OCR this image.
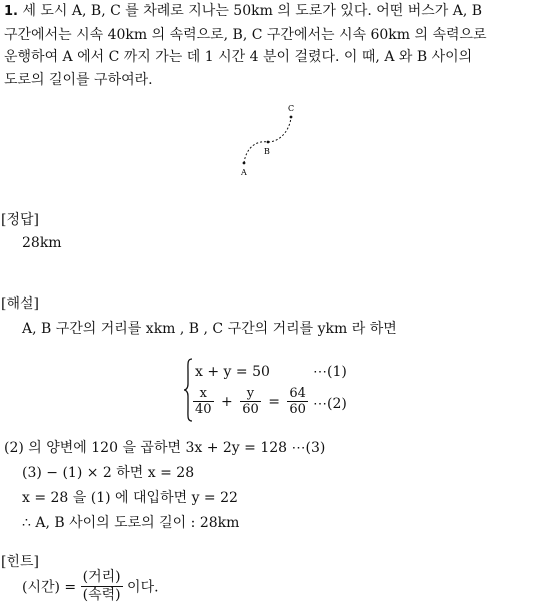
1. 세 도시 A, B, C 를 차례로 지나는 50km 의 도로가 있다. 어떤 버스가 A, B
구간에서는 시속 40km 의 속력으로, B, C 구간에서는 시속 60km 의 속력으로
운행하여 A 에서 C 까지 가는 데 1 시간 4 분이 걸렸다. 이 때, A 와 B 사이의
도로의 길이를 구하여라.
A
B
C
[정답]
28km
[해설]
A, B 구간의 거리를 xkm , B , C 구간의 거리를 ykm 라 하면
x + y = 50	⋯(1)
$\frac{x}{40} + \frac{y}{60} = \frac{64}{60}$ ⋯(2)
(2) 의 양변에 120 을 곱하면 3x + 2y = 128 ⋯(3)
(3) − (1) × 2 하면 x = 28
x = 28 을 (1) 에 대입하면 y = 22
∴ A, B 사이의 도로의 길이 : 28km
[힌트]
(시간) = $\frac{\text{(거리)}}{\text{(속력)}}$ 이다.
